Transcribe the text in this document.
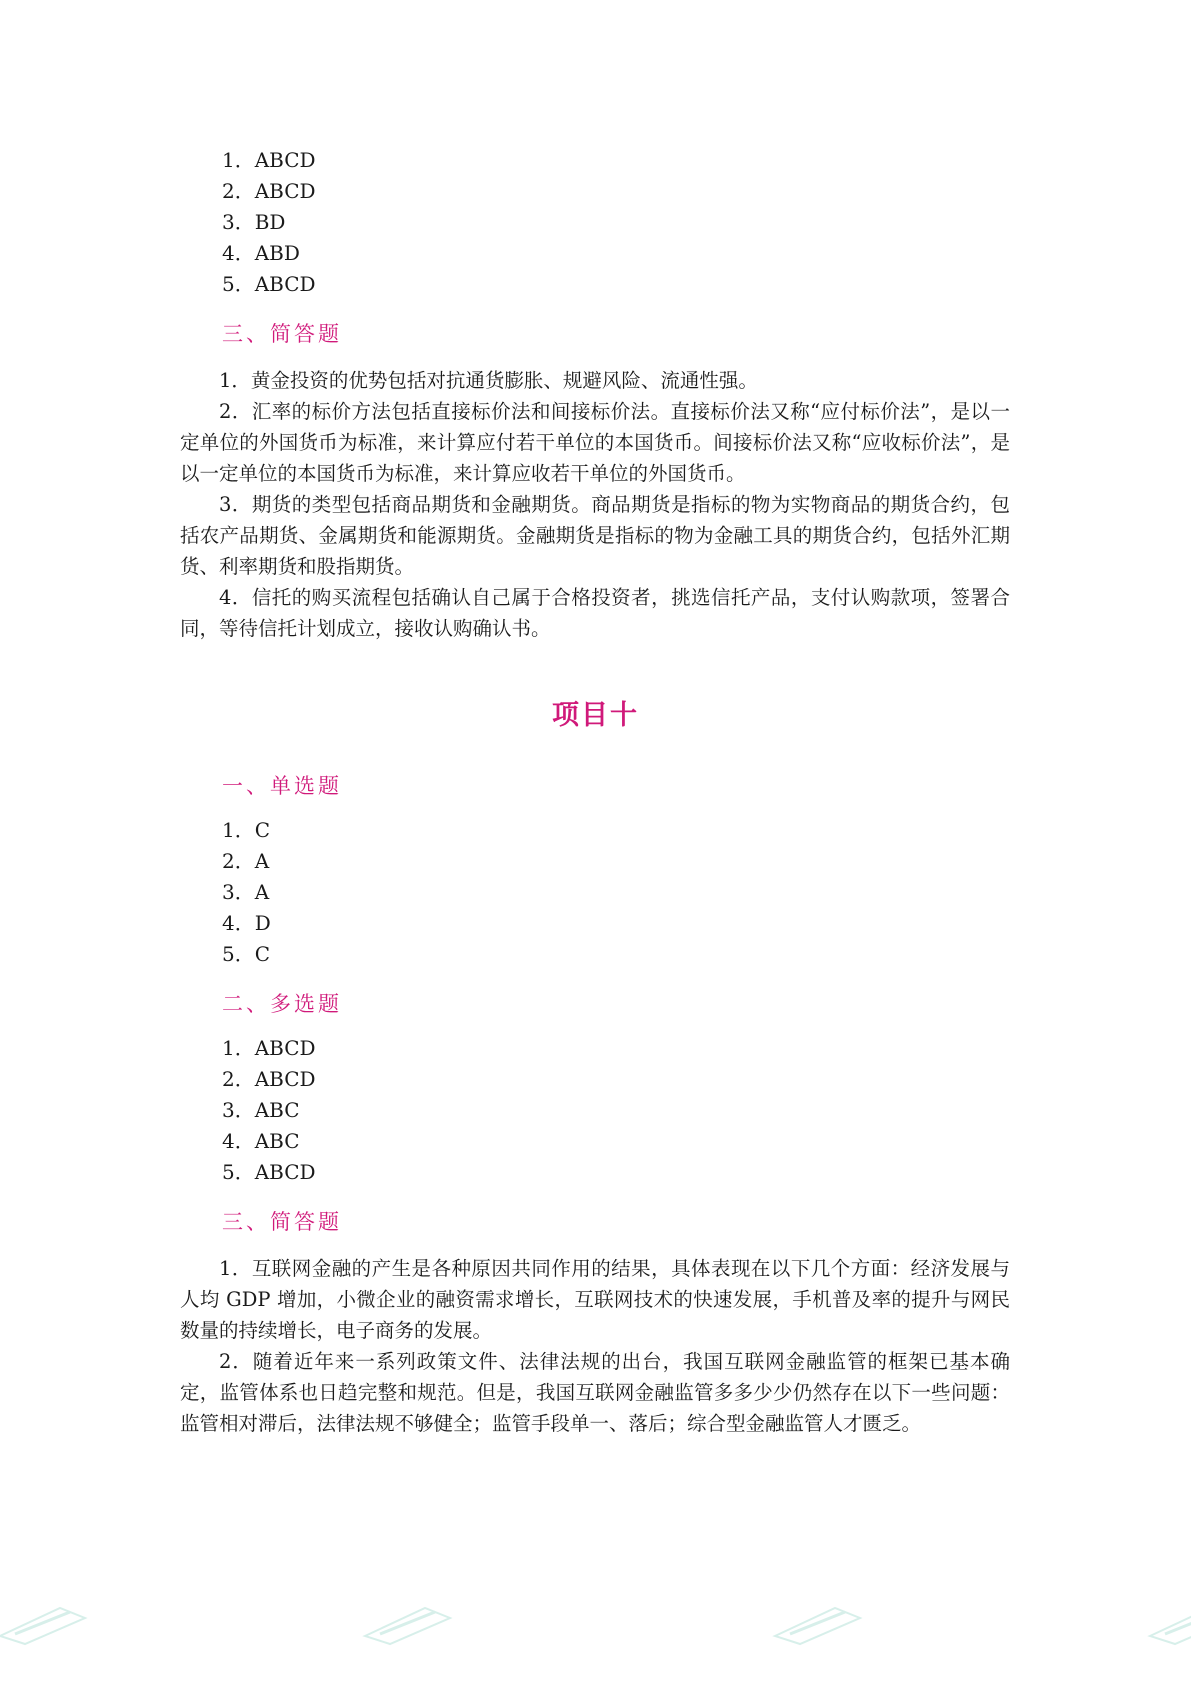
1．ABCD
2．ABCD
3．BD
4．ABD
5．ABCD
三、简答题

1．黄金投资的优势包括对抗通货膨胀、规避风险、流通性强。

2．汇率的标价方法包括直接标价法和间接标价法。直接标价法又称“应付标价法”，是以一定单位的外国货币为标准，来计算应付若干单位的本国货币。间接标价法又称“应收标价法”，是以一定单位的本国货币为标准，来计算应收若干单位的外国货币。

3．期货的类型包括商品期货和金融期货。商品期货是指标的物为实物商品的期货合约，包括农产品期货、金属期货和能源期货。金融期货是指标的物为金融工具的期货合约，包括外汇期货、利率期货和股指期货。

4．信托的购买流程包括确认自己属于合格投资者，挑选信托产品，支付认购款项，签署合同，等待信托计划成立，接收认购确认书。

项目十
一、单选题
1．C
2．A
3．A
4．D
5．C
二、多选题
1．ABCD
2．ABCD
3．ABC
4．ABC
5．ABCD
三、简答题

1．互联网金融的产生是各种原因共同作用的结果，具体表现在以下几个方面：经济发展与人均 GDP 增加，小微企业的融资需求增长，互联网技术的快速发展，手机普及率的提升与网民数量的持续增长，电子商务的发展。

2．随着近年来一系列政策文件、法律法规的出台，我国互联网金融监管的框架已基本确定，监管体系也日趋完整和规范。但是，我国互联网金融监管多多少少仍然存在以下一些问题：监管相对滞后，法律法规不够健全；监管手段单一、落后；综合型金融监管人才匮乏。
